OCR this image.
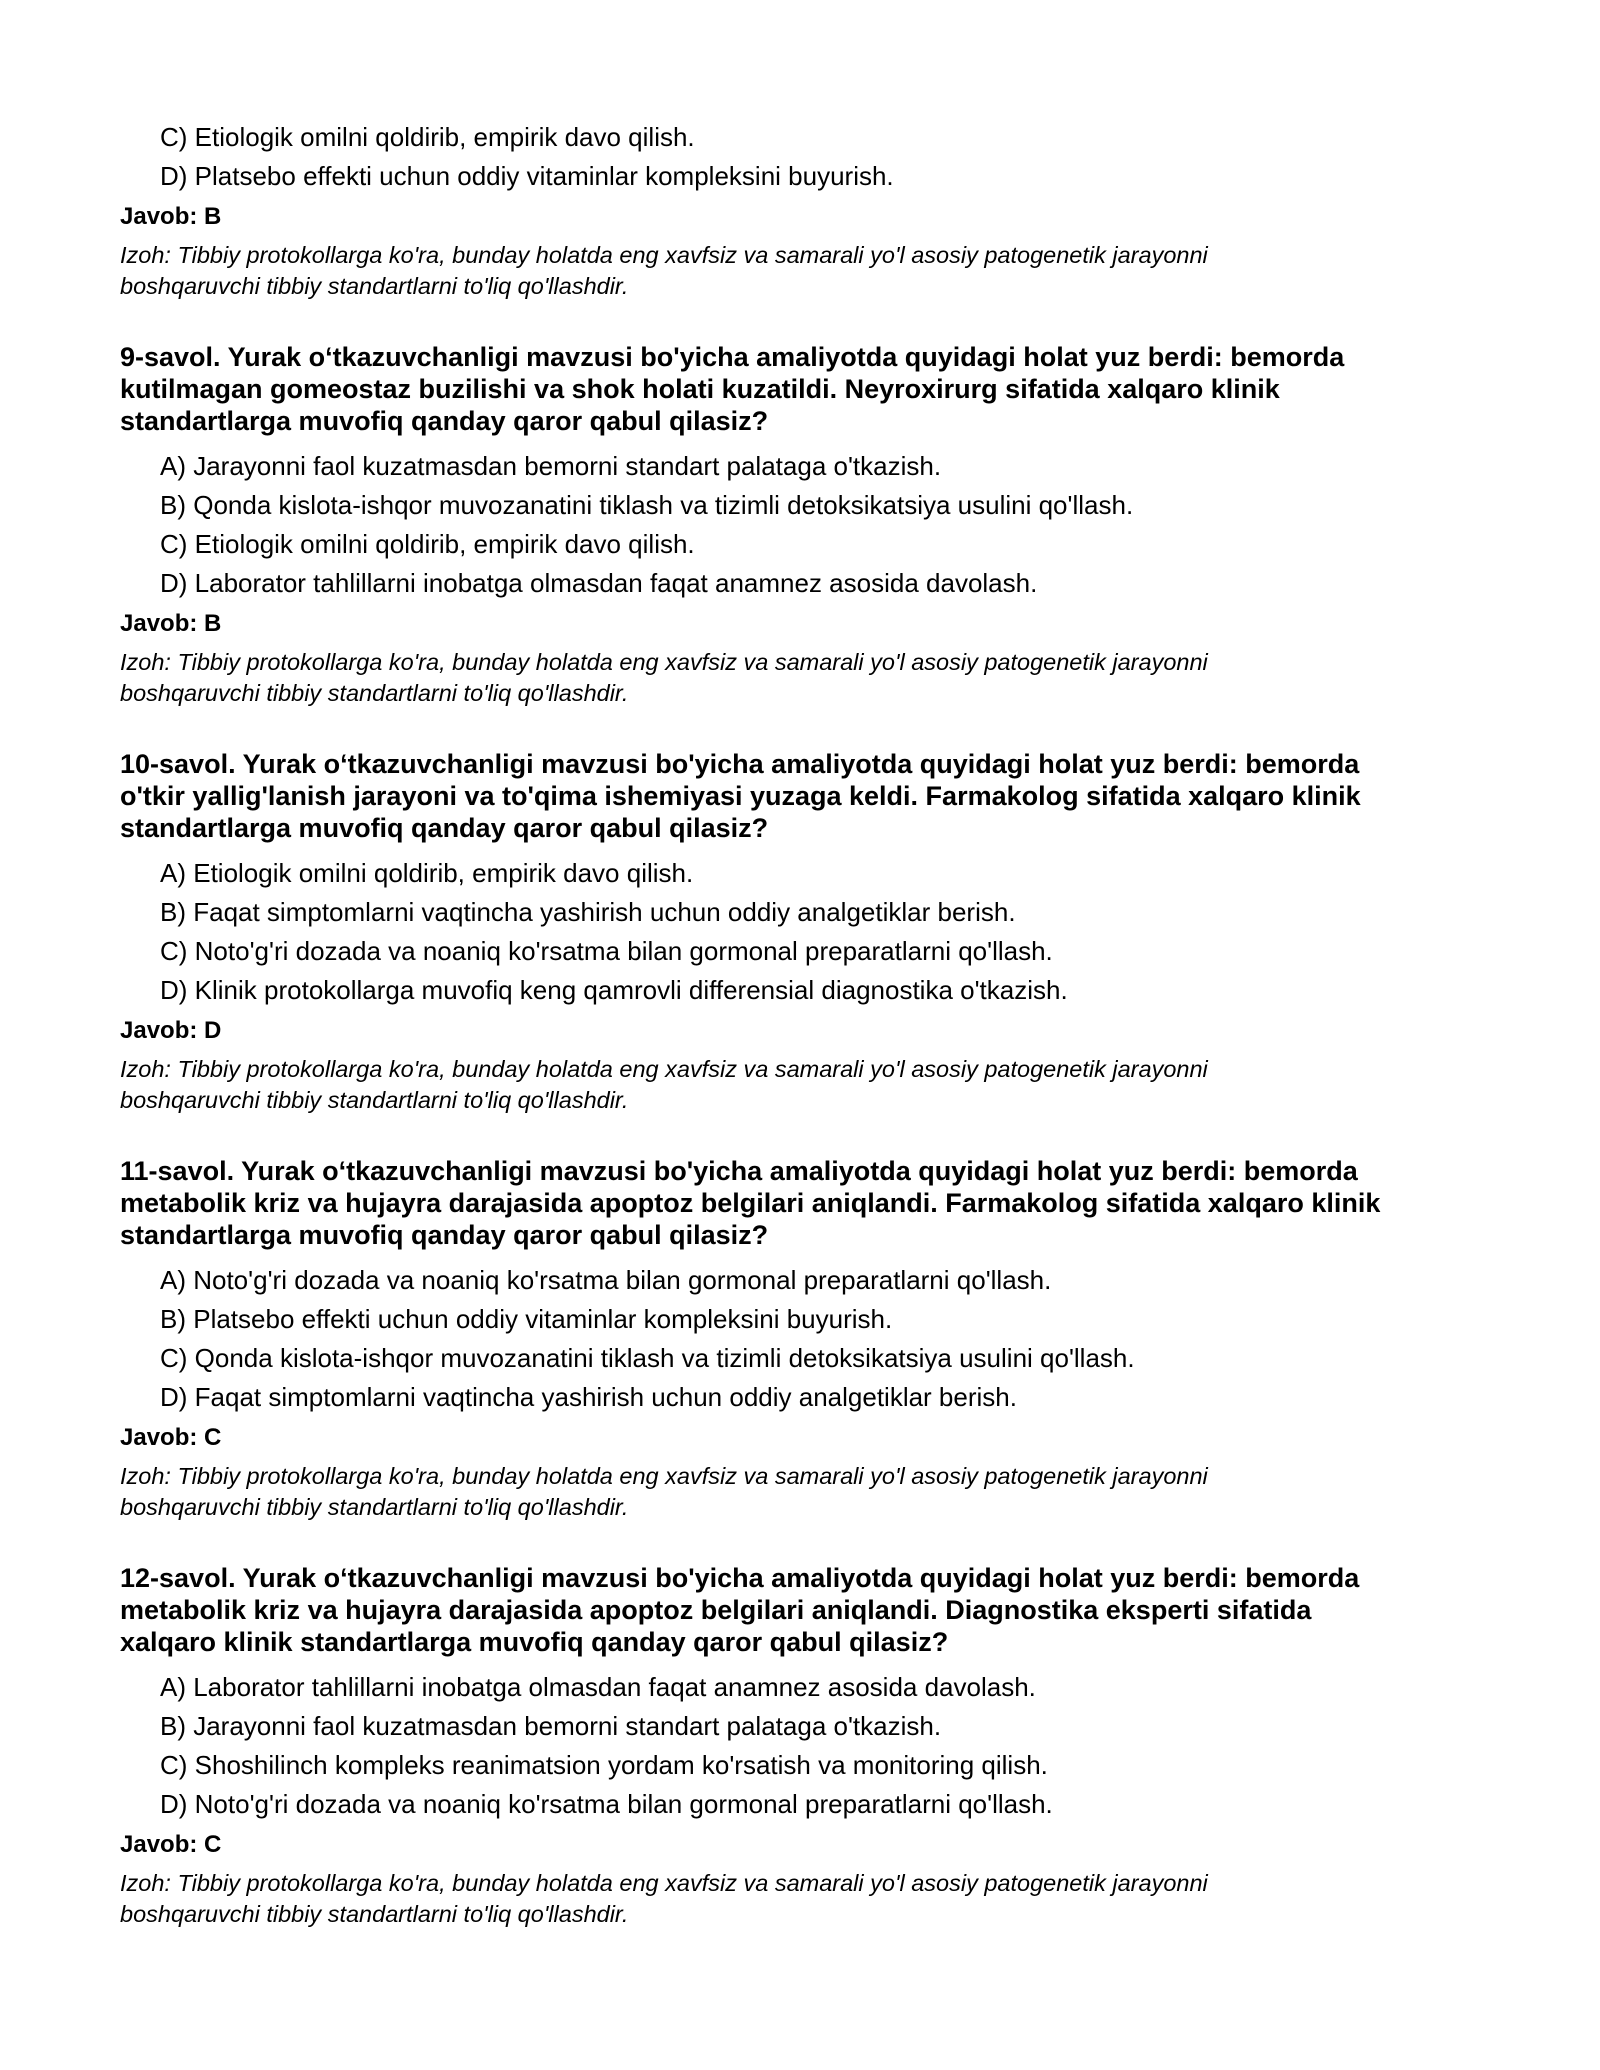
C) Etiologik omilni qoldirib, empirik davo qilish.
D) Platsebo effekti uchun oddiy vitaminlar kompleksini buyurish.
Javob: B
Izoh: Tibbiy protokollarga ko'ra, bunday holatda eng xavfsiz va samarali yo'l asosiy patogenetik jarayonni
boshqaruvchi tibbiy standartlarni to'liq qo'llashdir.
9-savol. Yurak o‘tkazuvchanligi mavzusi bo'yicha amaliyotda quyidagi holat yuz berdi: bemorda
kutilmagan gomeostaz buzilishi va shok holati kuzatildi. Neyroxirurg sifatida xalqaro klinik
standartlarga muvofiq qanday qaror qabul qilasiz?
A) Jarayonni faol kuzatmasdan bemorni standart palataga o'tkazish.
B) Qonda kislota-ishqor muvozanatini tiklash va tizimli detoksikatsiya usulini qo'llash.
C) Etiologik omilni qoldirib, empirik davo qilish.
D) Laborator tahlillarni inobatga olmasdan faqat anamnez asosida davolash.
Javob: B
Izoh: Tibbiy protokollarga ko'ra, bunday holatda eng xavfsiz va samarali yo'l asosiy patogenetik jarayonni
boshqaruvchi tibbiy standartlarni to'liq qo'llashdir.
10-savol. Yurak o‘tkazuvchanligi mavzusi bo'yicha amaliyotda quyidagi holat yuz berdi: bemorda
o'tkir yallig'lanish jarayoni va to'qima ishemiyasi yuzaga keldi. Farmakolog sifatida xalqaro klinik
standartlarga muvofiq qanday qaror qabul qilasiz?
A) Etiologik omilni qoldirib, empirik davo qilish.
B) Faqat simptomlarni vaqtincha yashirish uchun oddiy analgetiklar berish.
C) Noto'g'ri dozada va noaniq ko'rsatma bilan gormonal preparatlarni qo'llash.
D) Klinik protokollarga muvofiq keng qamrovli differensial diagnostika o'tkazish.
Javob: D
Izoh: Tibbiy protokollarga ko'ra, bunday holatda eng xavfsiz va samarali yo'l asosiy patogenetik jarayonni
boshqaruvchi tibbiy standartlarni to'liq qo'llashdir.
11-savol. Yurak o‘tkazuvchanligi mavzusi bo'yicha amaliyotda quyidagi holat yuz berdi: bemorda
metabolik kriz va hujayra darajasida apoptoz belgilari aniqlandi. Farmakolog sifatida xalqaro klinik
standartlarga muvofiq qanday qaror qabul qilasiz?
A) Noto'g'ri dozada va noaniq ko'rsatma bilan gormonal preparatlarni qo'llash.
B) Platsebo effekti uchun oddiy vitaminlar kompleksini buyurish.
C) Qonda kislota-ishqor muvozanatini tiklash va tizimli detoksikatsiya usulini qo'llash.
D) Faqat simptomlarni vaqtincha yashirish uchun oddiy analgetiklar berish.
Javob: C
Izoh: Tibbiy protokollarga ko'ra, bunday holatda eng xavfsiz va samarali yo'l asosiy patogenetik jarayonni
boshqaruvchi tibbiy standartlarni to'liq qo'llashdir.
12-savol. Yurak o‘tkazuvchanligi mavzusi bo'yicha amaliyotda quyidagi holat yuz berdi: bemorda
metabolik kriz va hujayra darajasida apoptoz belgilari aniqlandi. Diagnostika eksperti sifatida
xalqaro klinik standartlarga muvofiq qanday qaror qabul qilasiz?
A) Laborator tahlillarni inobatga olmasdan faqat anamnez asosida davolash.
B) Jarayonni faol kuzatmasdan bemorni standart palataga o'tkazish.
C) Shoshilinch kompleks reanimatsion yordam ko'rsatish va monitoring qilish.
D) Noto'g'ri dozada va noaniq ko'rsatma bilan gormonal preparatlarni qo'llash.
Javob: C
Izoh: Tibbiy protokollarga ko'ra, bunday holatda eng xavfsiz va samarali yo'l asosiy patogenetik jarayonni
boshqaruvchi tibbiy standartlarni to'liq qo'llashdir.
